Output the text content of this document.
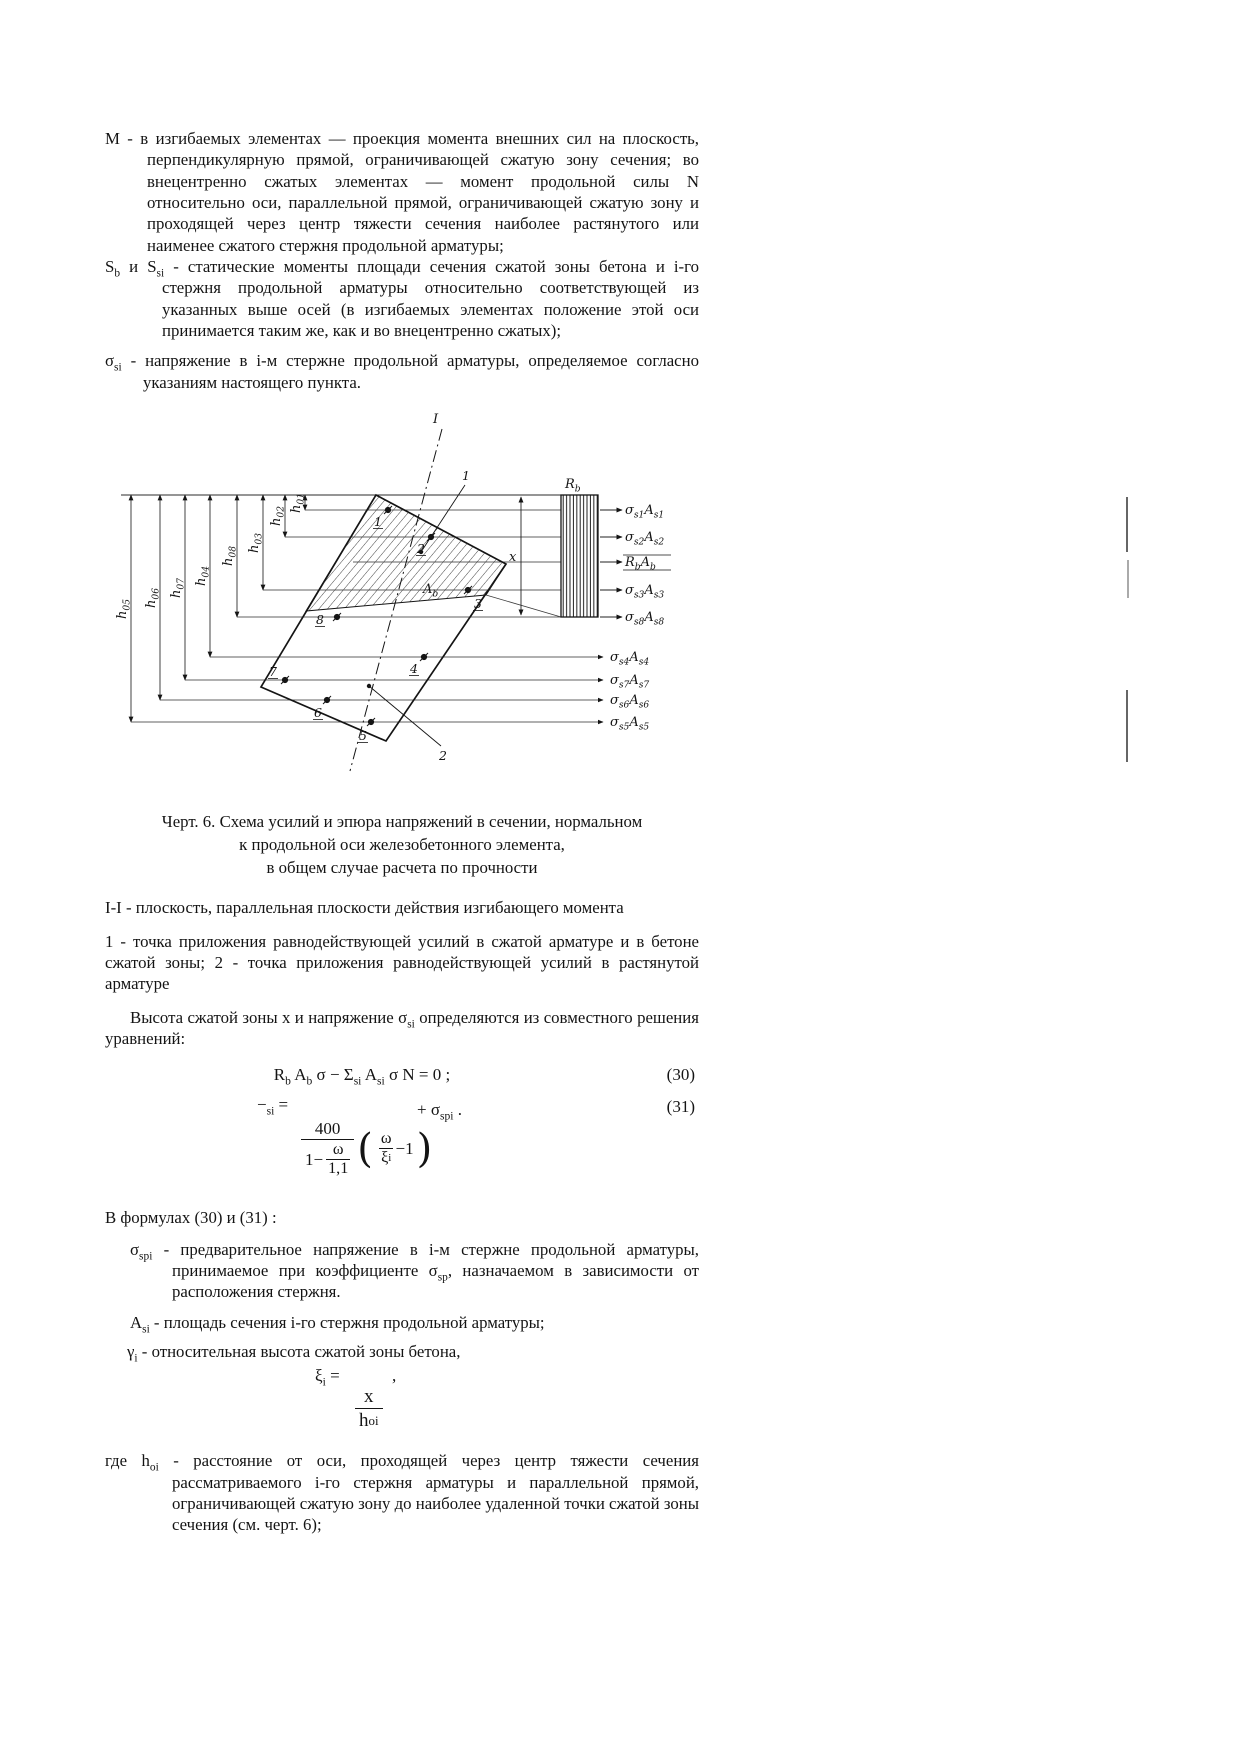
М - в изгибаемых элементах — проекция момента внешних сил на плоскость, перпендикулярную прямой, ограничивающей сжатую зону сечения; во внецентренно сжатых элементах — момент продольной силы N относительно оси, параллельной прямой, ограничивающей сжатую зону и проходящей через центр тяжести сечения наиболее растянутого или наименее сжатого стержня продольной арматуры;

$S_b$ и $S_{si}$ - статические моменты площади сечения сжатой зоны бетона и i-го стержня продольной арматуры относительно соответствующей из указанных выше осей (в изгибаемых элементах положение этой оси принимается таким же, как и во внецентренно сжатых);

$\sigma_{si}$ - напряжение в i-м стержне продольной арматуры, определяемое согласно указаниям настоящего пункта.

$h_{05}$ $h_{06}$ $h_{07}$ $h_{04}$
$h_{08}$ $h_{03}$
$h_{02}$ $h_{01}$
$A_b$
$R_b$
x
I
1
2
1
2
3
4
5
6
7
8
$\sigma_{s1}A_{s1}$
$\sigma_{s2}A_{s2}$
$R_bA_b$
$\sigma_{s3}A_{s3}$
$\sigma_{s8}A_{s8}$
$\sigma_{s4}A_{s4}$
$\sigma_{s7}A_{s7}$
$\sigma_{s6}A_{s6}$
$\sigma_{s5}A_{s5}$
Черт. 6. Схема усилий и эпюра напряжений в сечении, нормальном
к продольной оси железобетонного элемента,
в общем случае расчета по прочности

I-I - плоскость, параллельная плоскости действия изгибающего момента

1 - точка приложения равнодействующей усилий в сжатой арматуре и в бетоне сжатой зоны; 2 - точка приложения равнодействующей усилий в растянутой арматуре

Высота сжатой зоны x и напряжение $\sigma_{si}$ определяются из совместного решения уравнений:

$R_b$ $A_b$ $\sigma - \Sigma_{si}$ $A_{si}$ σ N = 0 ;	(30)
$-_{si}$ =	+ $\sigma_{spi}$ .	(31)
400
$1- \frac{\omega}{1,1}$ ( ω
ξ i
−1 )

В формулах (30) и (31) :

$\sigma_{spi}$ - предварительное напряжение в i-м стержне продольной арматуры, принимаемое при коэффициенте $\sigma_{sp}$, назначаемом в зависимости от расположения стержня.

$A_{si}$ - площадь сечения i-го стержня продольной арматуры;

$\gamma_i$ - относительная высота сжатой зоны бетона,

$\xi_i$ =	,
x
h oi

где $h_{oi}$ - расстояние от оси, проходящей через центр тяжести сечения рассматриваемого i-го стержня арматуры и параллельной прямой, ограничивающей сжатую зону до наиболее удаленной точки сжатой зоны сечения (см. черт. 6);
